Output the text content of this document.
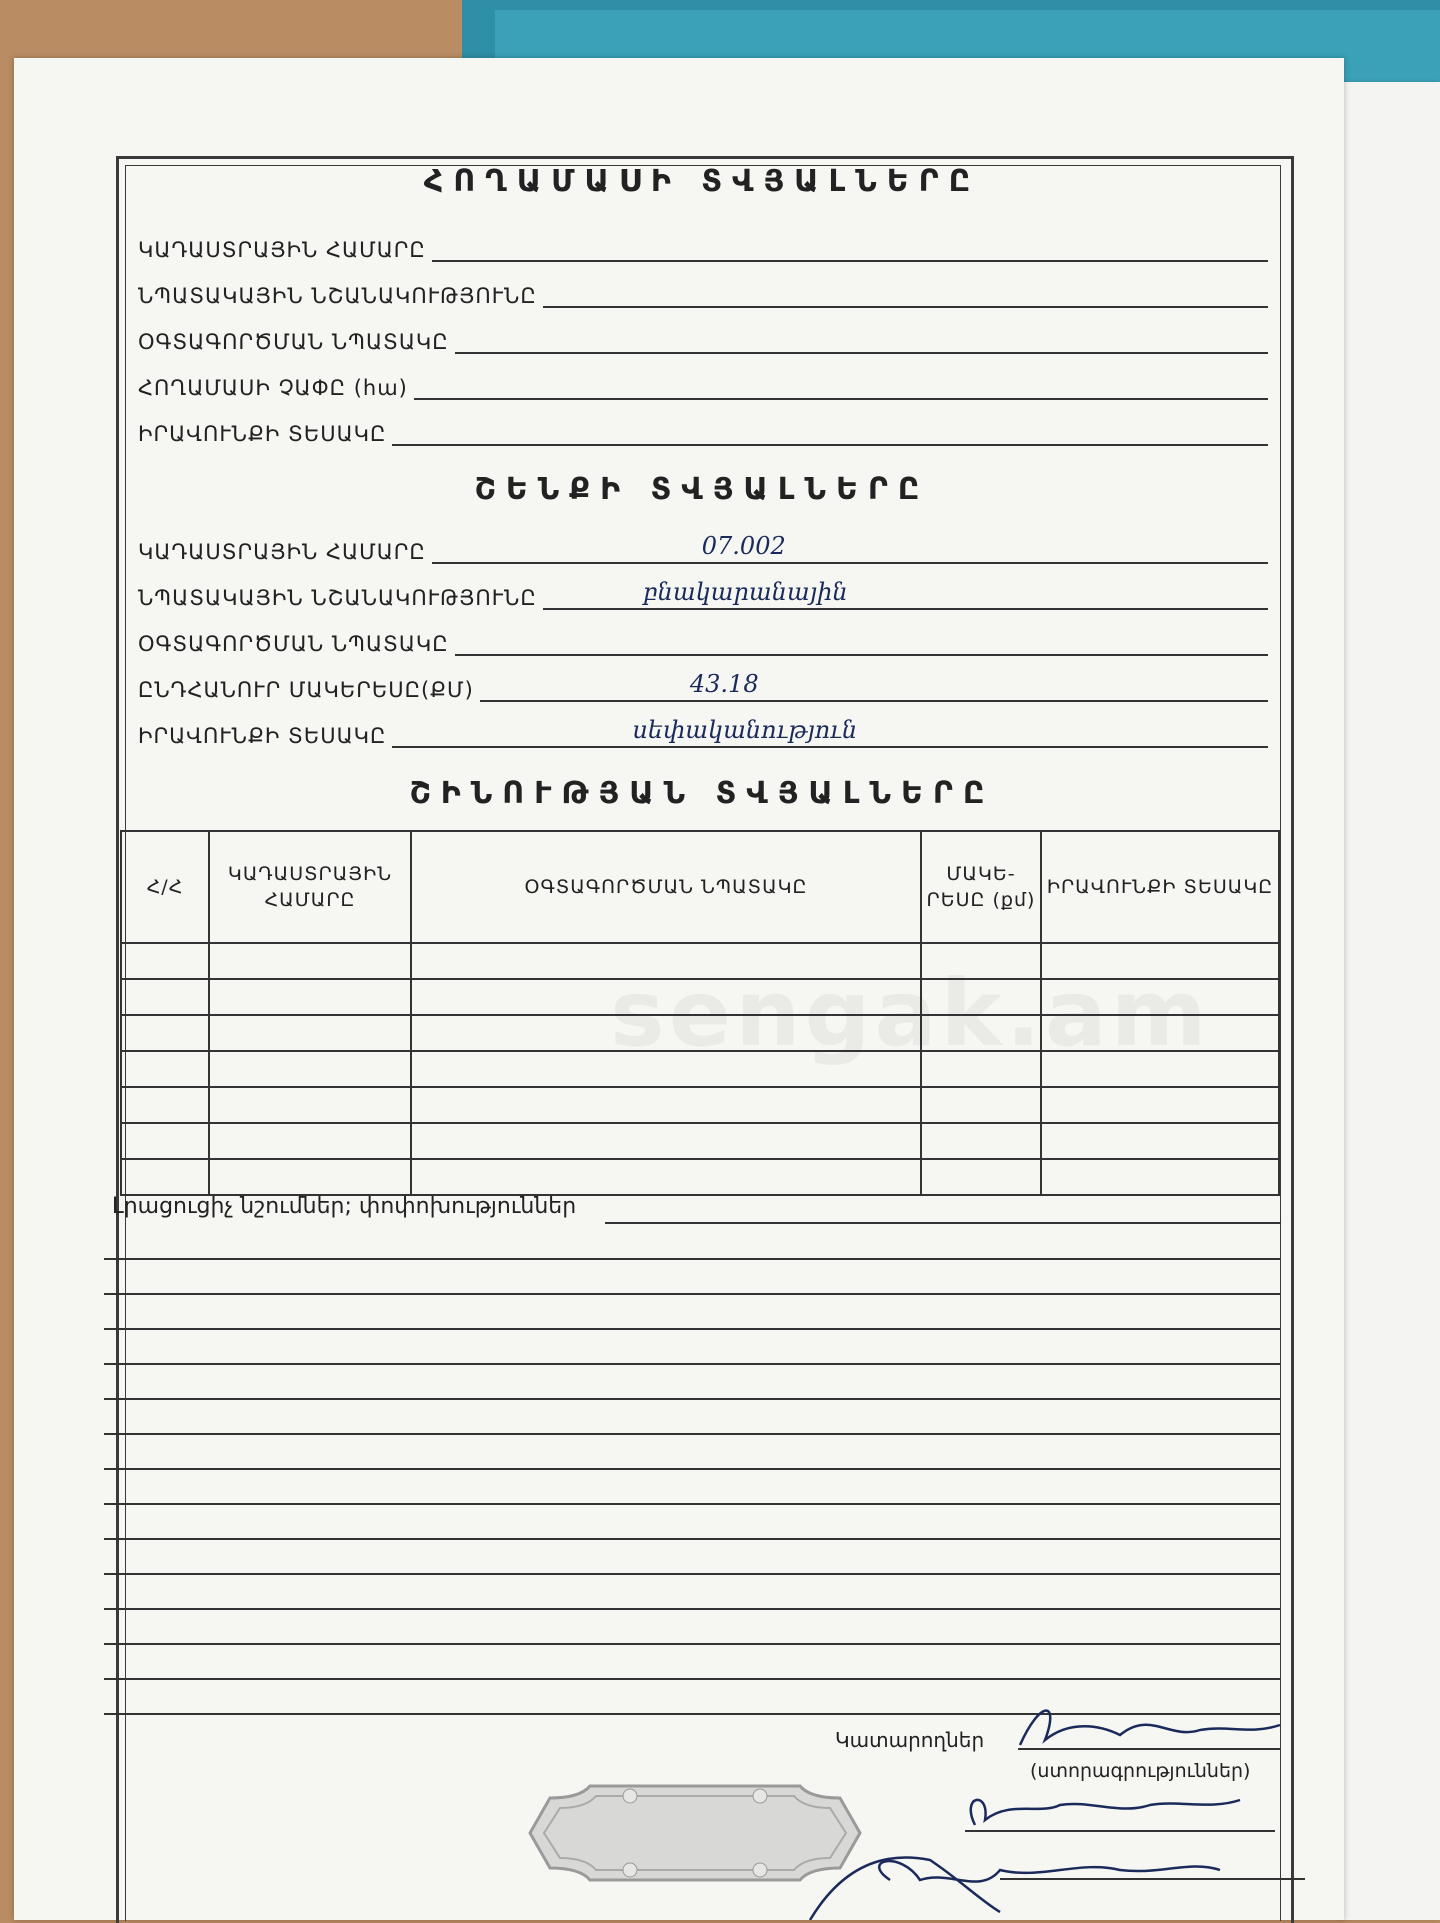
sengak.am
ՀՈՂԱՄԱՍԻ ՏՎՅԱԼՆԵՐԸ
ԿԱԴԱՍՏՐԱՅԻՆ ՀԱՄԱՐԸ
ՆՊԱՏԱԿԱՅԻՆ ՆՇԱՆԱԿՈՒԹՅՈՒՆԸ
ՕԳՏԱԳՈՐԾՄԱՆ ՆՊԱՏԱԿԸ
ՀՈՂԱՄԱՍԻ ՉԱՓԸ (hա)
ԻՐԱՎՈՒՆՔԻ ՏԵՍԱԿԸ
ՇԵՆՔԻ ՏՎՅԱԼՆԵՐԸ
ԿԱԴԱՍՏՐԱՅԻՆ ՀԱՄԱՐԸ	07.002
ՆՊԱՏԱԿԱՅԻՆ ՆՇԱՆԱԿՈՒԹՅՈՒՆԸ	բնակարանային
ՕԳՏԱԳՈՐԾՄԱՆ ՆՊԱՏԱԿԸ
ԸՆԴՀԱՆՈՒՐ ՄԱԿԵՐԵՍԸ(ՔՄ)	43.18
ԻՐԱՎՈՒՆՔԻ ՏԵՍԱԿԸ	սեփականություն
ՇԻՆՈՒԹՅԱՆ ՏՎՅԱԼՆԵՐԸ
Հ/Հ	ԿԱԴԱՍՏՐԱՅԻՆ ՀԱՄԱՐԸ	ՕԳՏԱԳՈՐԾՄԱՆ ՆՊԱՏԱԿԸ	ՄԱԿԵ-ՐԵՍԸ (քմ)	ԻՐԱՎՈՒՆՔԻ ՏԵՍԱԿԸ

Լրացուցիչ նշումներ; փոփոխություններ
Կատարողներ
(ստորագրություններ)
